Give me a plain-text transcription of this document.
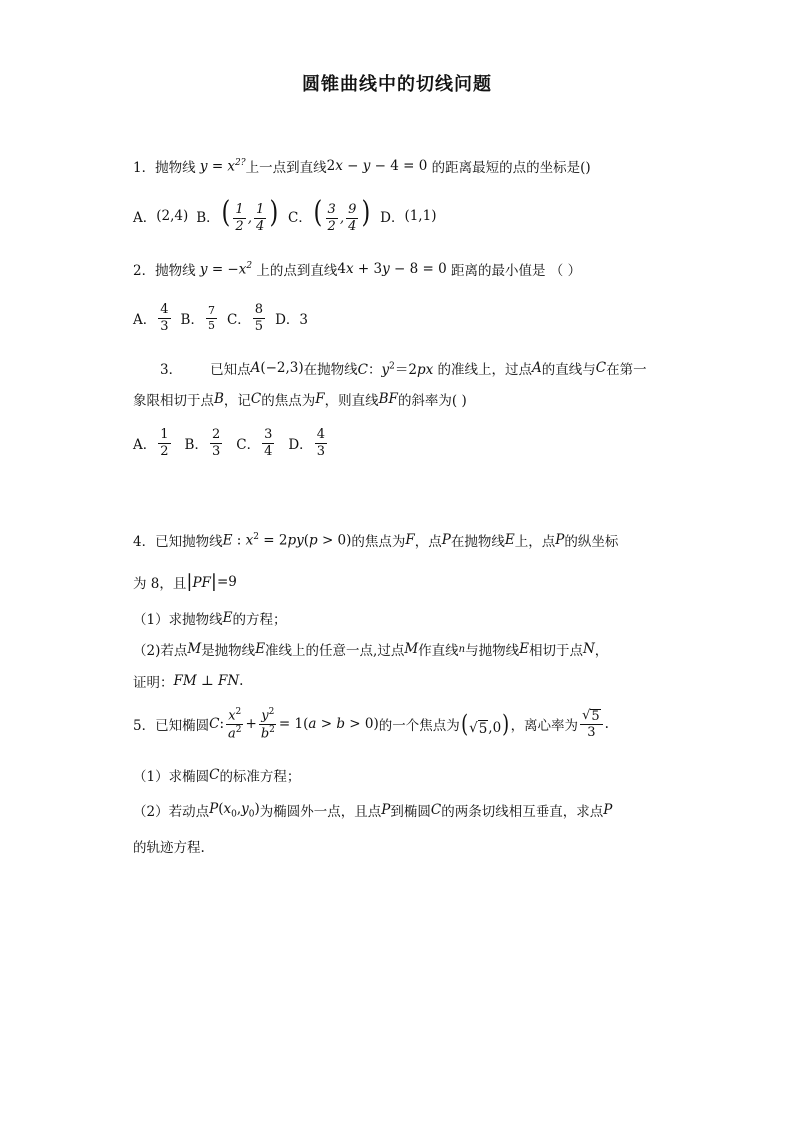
圆锥曲线中的切线问题
1．抛物线 $y = x^{2?}$ 上一点到直线 2x − y − 4 = 0 的距离最短的点的坐标是()
A． (2,4) B． ( $\frac{1}{2}$ , $\frac{1}{4}$ ) C． ( $\frac{3}{2}$ , $\frac{9}{4}$ ) D． (1,1)
2．抛物线 $y = -x^2$ 上的点到直线 4x + 3y − 8 = 0 距离的最小值是 （ ）
A． $\frac{4}{3}$ B． $\frac{7}{5}$ C． $\frac{8}{5}$ D．3
3． 已知点 A(−2,3) 在抛物线 C：$y^2=2px$ 的准线上，过点 A 的直线与 C 在第一
象限相切于点 B ，记 C 的焦点为 F ，则直线 BF 的斜率为( )
A． $\frac{1}{2}$ B． $\frac{2}{3}$ C． $\frac{3}{4}$ D． $\frac{4}{3}$
4．已知抛物线 E : $x^2 = 2py(p > 0)$ 的焦点为 F ，点 P 在抛物线 E 上，点 P 的纵坐标
为 8，且 |PF| =9
（1）求抛物线 E 的方程；
（2)若点 M 是抛物线 E 准线上的任意一点,过点 M 作直线 n 与抛物线 E 相切于点 N ，
证明： FM ⊥ FN .
5．已知椭圆 C: $\frac{x^2}{a^2} + \frac{y^2}{b^2} = 1(a > b > 0)$ 的一个焦点为 ( √ 5 ,0) ，离心率为 $\frac{√ 5}{3}$ .
（1）求椭圆 C 的标准方程；
（2）若动点 $P(x_0,y_0)$ 为椭圆外一点，且点 P 到椭圆 C 的两条切线相互垂直，求点 P
的轨迹方程.
